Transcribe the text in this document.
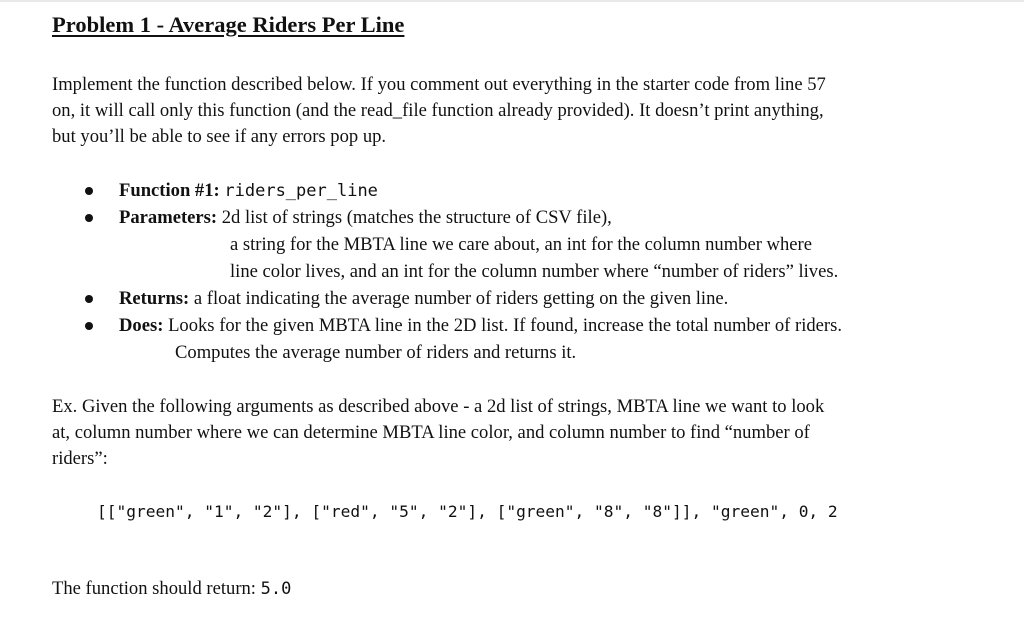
Problem 1 - Average Riders Per Line
Implement the function described below. If you comment out everything in the starter code from line 57
on, it will call only this function (and the read_file function already provided). It doesn’t print anything,
but you’ll be able to see if any errors pop up.
Function #1: riders_per_line
Parameters: 2d list of strings (matches the structure of CSV file),
a string for the MBTA line we care about, an int for the column number where
line color lives, and an int for the column number where “number of riders” lives.
Returns: a float indicating the average number of riders getting on the given line.
Does: Looks for the given MBTA line in the 2D list. If found, increase the total number of riders.
Computes the average number of riders and returns it.
Ex. Given the following arguments as described above - a 2d list of strings, MBTA line we want to look
at, column number where we can determine MBTA line color, and column number to find “number of
riders”:
[["green", "1", "2"], ["red", "5", "2"], ["green", "8", "8"]], "green", 0, 2
The function should return: 5.0
